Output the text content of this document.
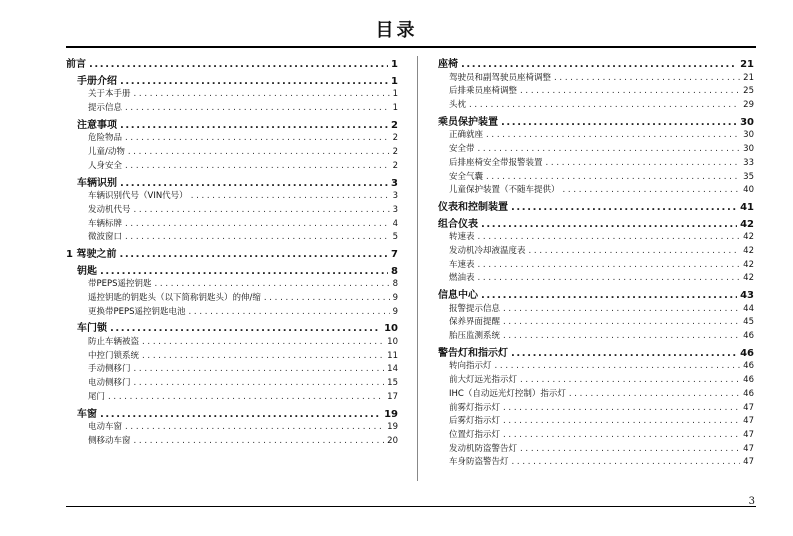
目录
前言 .....	1
手册介绍 .....	1
关于本手册 . . .	1
提示信息 . . .	1
注意事项 .....	2
危险物品 . . .	2
儿童/动物 . . .	2
人身安全 . . .	2
车辆识别 .....	3
车辆识别代号（VIN代号） . . .	3
发动机代号 . . .	3
车辆标牌 . . .	4
微波窗口 . . .	5
1 驾驶之前 .....	7
钥匙 .....	8
带PEPS遥控钥匙 . . .	8
遥控钥匙的钥匙头（以下简称钥匙头）的伸/缩 . . .	9
更换带PEPS遥控钥匙电池 . . .	9
车门锁 .....	10
防止车辆被盗 . . .	10
中控门锁系统 . . .	11
手动侧移门 . . .	14
电动侧移门 . . .	15
尾门 . . .	17
车窗 .....	19
电动车窗 . . .	19
侧移动车窗 . . .	20
座椅 .....	21
驾驶员和副驾驶员座椅调整 . . .	21
后排乘员座椅调整 . . .	25
头枕 . . .	29
乘员保护装置 .....	30
正确就座 . . .	30
安全带 . . .	30
后排座椅安全带报警装置 . . .	33
安全气囊 . . .	35
儿童保护装置（不随车提供） . . .	40
仪表和控制装置 .....	41
组合仪表 .....	42
转速表 . . .	42
发动机冷却液温度表 . . .	42
车速表 . . .	42
燃油表 . . .	42
信息中心 .....	43
报警提示信息 . . .	44
保养界面提醒 . . .	45
胎压监测系统 . . .	46
警告灯和指示灯 .....	46
转向指示灯 . . .	46
前大灯远光指示灯 . . .	46
IHC（自动远光灯控制）指示灯 . . .	46
前雾灯指示灯 . . .	47
后雾灯指示灯 . . .	47
位置灯指示灯 . . .	47
发动机防盗警告灯 . . .	47
车身防盗警告灯 . . .	47
3
